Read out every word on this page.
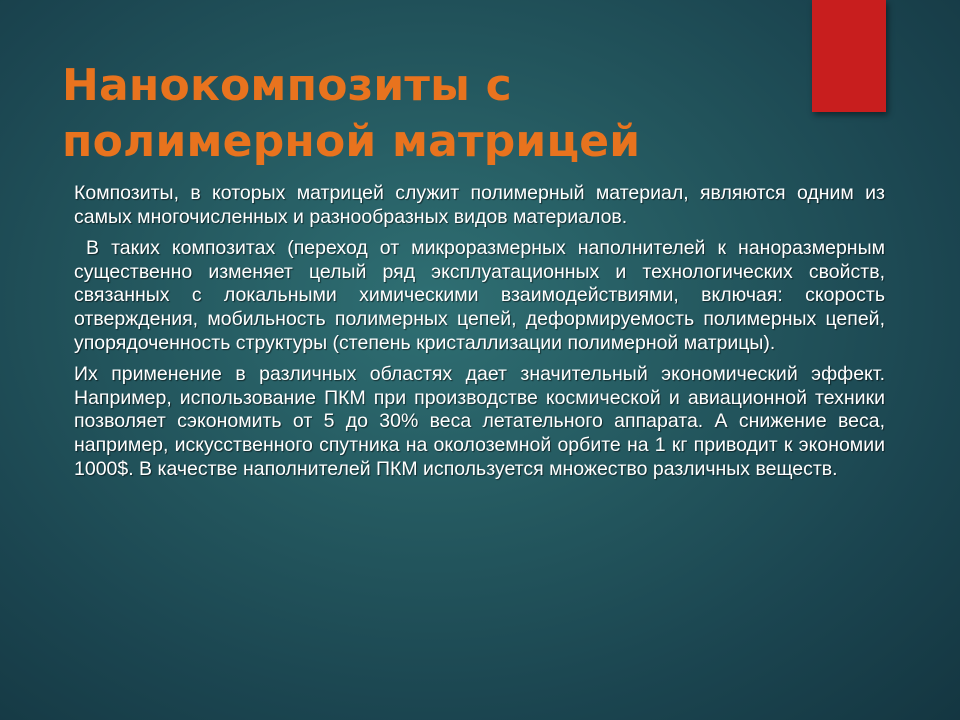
Нанокомпозиты с
полимерной матрицей

Композиты, в которых матрицей служит полимерный материал, являются одним из самых многочисленных и разнообразных видов материалов.

В таких композитах (переход от микроразмерных наполнителей к наноразмерным существенно изменяет целый ряд эксплуатационных и технологических свойств, связанных с локальными химическими взаимодействиями, включая: скорость отверждения, мобильность полимерных цепей, деформируемость полимерных цепей, упорядоченность структуры (степень кристаллизации полимерной матрицы).

Их применение в различных областях дает значительный экономический эффект. Например, использование ПКМ при производстве космической и авиационной техники позволяет сэкономить от 5 до 30% веса летательного аппарата. А снижение веса, например, искусственного спутника на околоземной орбите на 1 кг приводит к экономии 1000$. В качестве наполнителей ПКМ используется множество различных веществ.
